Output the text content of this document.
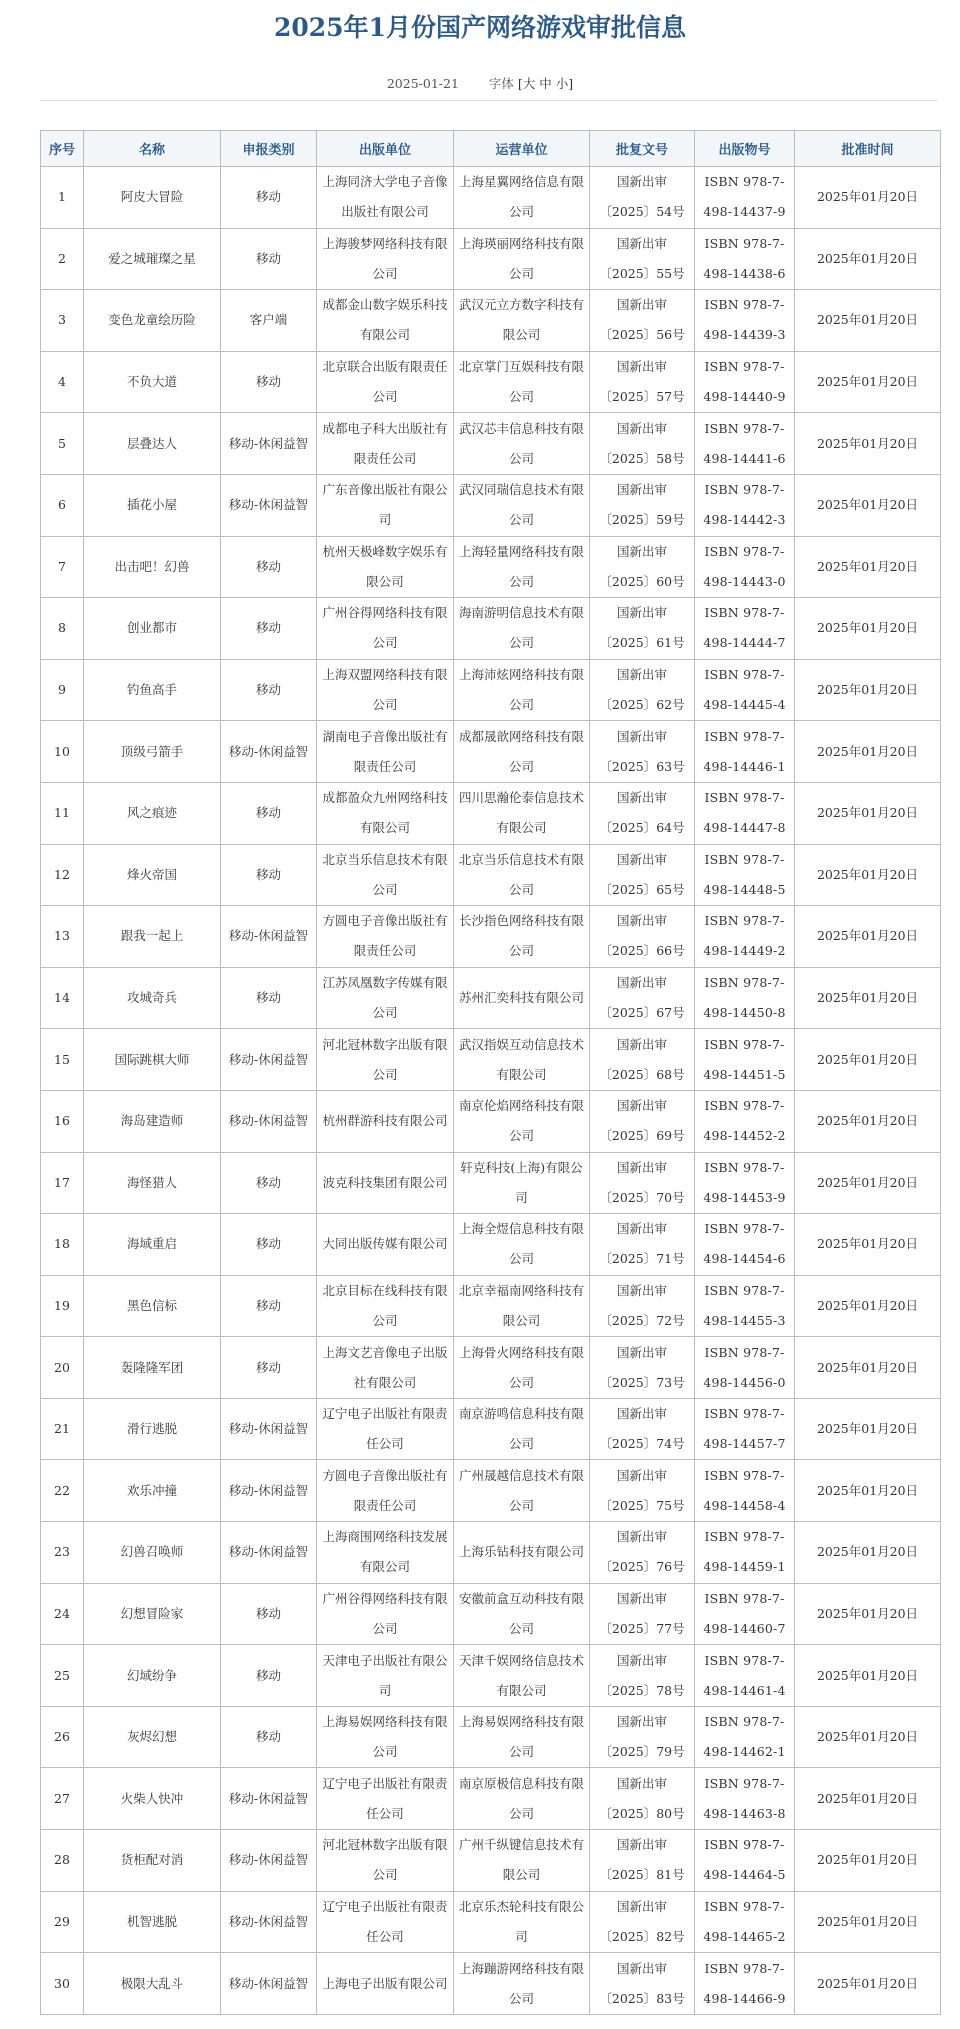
2025年1月份国产网络游戏审批信息
2025-01-21 字体 [大 中 小]
序号	名称	申报类别	出版单位	运营单位	批复文号	出版物号	批准时间
1	阿皮大冒险	移动	上海同济大学电子音像出版社有限公司	上海星翼网络信息有限公司	国新出审〔2025〕54号	ISBN 978-7-498-14437-9	2025年01月20日
2	爱之城璀璨之星	移动	上海骏梦网络科技有限公司	上海瑛丽网络科技有限公司	国新出审〔2025〕55号	ISBN 978-7-498-14438-6	2025年01月20日
3	变色龙童绘历险	客户端	成都金山数字娱乐科技有限公司	武汉元立方数字科技有限公司	国新出审〔2025〕56号	ISBN 978-7-498-14439-3	2025年01月20日
4	不负大道	移动	北京联合出版有限责任公司	北京掌门互娱科技有限公司	国新出审〔2025〕57号	ISBN 978-7-498-14440-9	2025年01月20日
5	层叠达人	移动-休闲益智	成都电子科大出版社有限责任公司	武汉芯丰信息科技有限公司	国新出审〔2025〕58号	ISBN 978-7-498-14441-6	2025年01月20日
6	插花小屋	移动-休闲益智	广东音像出版社有限公司	武汉同瑞信息技术有限公司	国新出审〔2025〕59号	ISBN 978-7-498-14442-3	2025年01月20日
7	出击吧！幻兽	移动	杭州天极峰数字娱乐有限公司	上海轻量网络科技有限公司	国新出审〔2025〕60号	ISBN 978-7-498-14443-0	2025年01月20日
8	创业都市	移动	广州谷得网络科技有限公司	海南游明信息技术有限公司	国新出审〔2025〕61号	ISBN 978-7-498-14444-7	2025年01月20日
9	钓鱼高手	移动	上海双盟网络科技有限公司	上海沛炫网络科技有限公司	国新出审〔2025〕62号	ISBN 978-7-498-14445-4	2025年01月20日
10	顶级弓箭手	移动-休闲益智	湖南电子音像出版社有限责任公司	成都晟歆网络科技有限公司	国新出审〔2025〕63号	ISBN 978-7-498-14446-1	2025年01月20日
11	风之痕迹	移动	成都盈众九州网络科技有限公司	四川思瀚伦泰信息技术有限公司	国新出审〔2025〕64号	ISBN 978-7-498-14447-8	2025年01月20日
12	烽火帝国	移动	北京当乐信息技术有限公司	北京当乐信息技术有限公司	国新出审〔2025〕65号	ISBN 978-7-498-14448-5	2025年01月20日
13	跟我一起上	移动-休闲益智	方圆电子音像出版社有限责任公司	长沙指色网络科技有限公司	国新出审〔2025〕66号	ISBN 978-7-498-14449-2	2025年01月20日
14	攻城奇兵	移动	江苏凤凰数字传媒有限公司	苏州汇奕科技有限公司	国新出审〔2025〕67号	ISBN 978-7-498-14450-8	2025年01月20日
15	国际跳棋大师	移动-休闲益智	河北冠林数字出版有限公司	武汉指娱互动信息技术有限公司	国新出审〔2025〕68号	ISBN 978-7-498-14451-5	2025年01月20日
16	海岛建造师	移动-休闲益智	杭州群游科技有限公司	南京伦焰网络科技有限公司	国新出审〔2025〕69号	ISBN 978-7-498-14452-2	2025年01月20日
17	海怪猎人	移动	波克科技集团有限公司	轩克科技(上海)有限公司	国新出审〔2025〕70号	ISBN 978-7-498-14453-9	2025年01月20日
18	海域重启	移动	大同出版传媒有限公司	上海全煜信息科技有限公司	国新出审〔2025〕71号	ISBN 978-7-498-14454-6	2025年01月20日
19	黑色信标	移动	北京目标在线科技有限公司	北京幸福南网络科技有限公司	国新出审〔2025〕72号	ISBN 978-7-498-14455-3	2025年01月20日
20	轰隆隆军团	移动	上海文艺音像电子出版社有限公司	上海骨火网络科技有限公司	国新出审〔2025〕73号	ISBN 978-7-498-14456-0	2025年01月20日
21	滑行逃脱	移动-休闲益智	辽宁电子出版社有限责任公司	南京游鸣信息科技有限公司	国新出审〔2025〕74号	ISBN 978-7-498-14457-7	2025年01月20日
22	欢乐冲撞	移动-休闲益智	方圆电子音像出版社有限责任公司	广州晟越信息技术有限公司	国新出审〔2025〕75号	ISBN 978-7-498-14458-4	2025年01月20日
23	幻兽召唤师	移动-休闲益智	上海商围网络科技发展有限公司	上海乐钻科技有限公司	国新出审〔2025〕76号	ISBN 978-7-498-14459-1	2025年01月20日
24	幻想冒险家	移动	广州谷得网络科技有限公司	安徽前盒互动科技有限公司	国新出审〔2025〕77号	ISBN 978-7-498-14460-7	2025年01月20日
25	幻域纷争	移动	天津电子出版社有限公司	天津千娱网络信息技术有限公司	国新出审〔2025〕78号	ISBN 978-7-498-14461-4	2025年01月20日
26	灰烬幻想	移动	上海易娱网络科技有限公司	上海易娱网络科技有限公司	国新出审〔2025〕79号	ISBN 978-7-498-14462-1	2025年01月20日
27	火柴人快冲	移动-休闲益智	辽宁电子出版社有限责任公司	南京原极信息科技有限公司	国新出审〔2025〕80号	ISBN 978-7-498-14463-8	2025年01月20日
28	货柜配对消	移动-休闲益智	河北冠林数字出版有限公司	广州千纵键信息技术有限公司	国新出审〔2025〕81号	ISBN 978-7-498-14464-5	2025年01月20日
29	机智逃脱	移动-休闲益智	辽宁电子出版社有限责任公司	北京乐杰轮科技有限公司	国新出审〔2025〕82号	ISBN 978-7-498-14465-2	2025年01月20日
30	极限大乱斗	移动-休闲益智	上海电子出版有限公司	上海蹦游网络科技有限公司	国新出审〔2025〕83号	ISBN 978-7-498-14466-9	2025年01月20日
